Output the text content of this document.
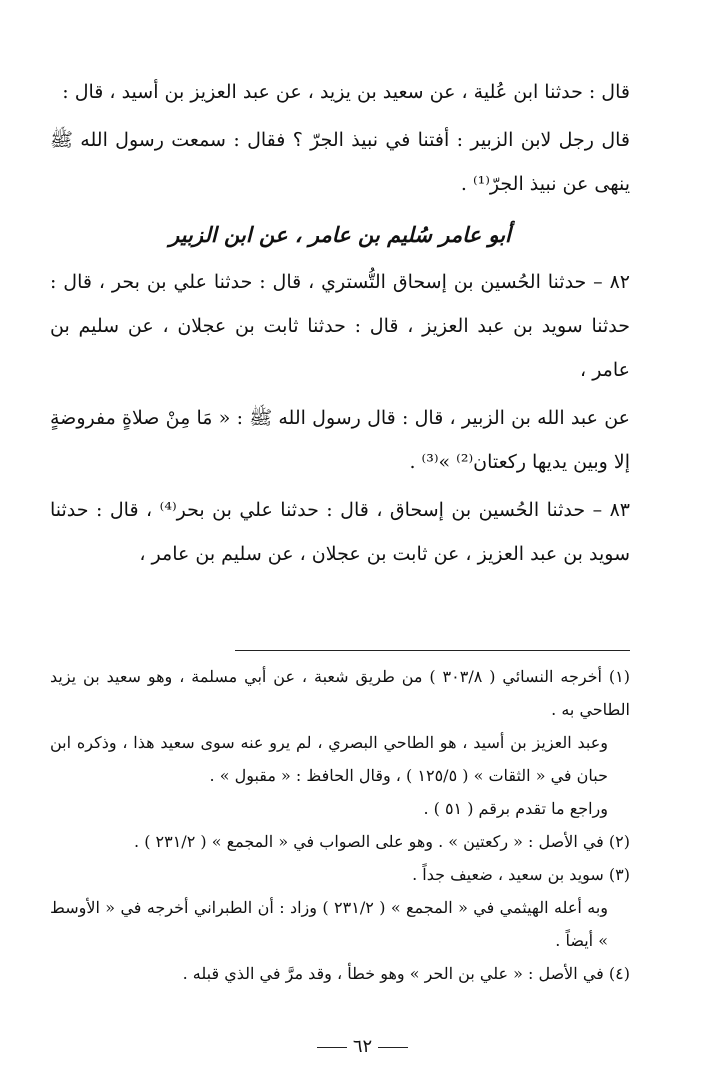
قال : حدثنا ابن عُلية ، عن سعيد بن يزيد ، عن عبد العزيز بن أسيد ، قال :

قال رجل لابن الزبير : أفتنا في نبيذ الجرّ ؟ فقال : سمعت رسول الله ﷺ ينهى عن نبيذ الجرّ⁽¹⁾ .

أبو عامر سُليم بن عامر ، عن ابن الزبير

٨٢ – حدثنا الحُسين بن إسحاق التُّستري ، قال : حدثنا علي بن بحر ، قال : حدثنا سويد بن عبد العزيز ، قال : حدثنا ثابت بن عجلان ، عن سليم بن عامر ،

عن عبد الله بن الزبير ، قال : قال رسول الله ﷺ : « مَا مِنْ صلاةٍ مفروضةٍ إلا وبين يديها ركعتان⁽²⁾ »⁽³⁾ .

٨٣ – حدثنا الحُسين بن إسحاق ، قال : حدثنا علي بن بحر⁽⁴⁾ ، قال : حدثنا سويد بن عبد العزيز ، عن ثابت بن عجلان ، عن سليم بن عامر ،

(١) أخرجه النسائي ( ٣٠٣/٨ ) من طريق شعبة ، عن أبي مسلمة ، وهو سعيد بن يزيد الطاحي به .

وعبد العزيز بن أسيد ، هو الطاحي البصري ، لم يرو عنه سوى سعيد هذا ، وذكره ابن حبان في « الثقات » ( ١٢٥/٥ ) ، وقال الحافظ : « مقبول » .

وراجع ما تقدم برقم ( ٥١ ) .

(٢) في الأصل : « ركعتين » . وهو على الصواب في « المجمع » ( ٢٣١/٢ ) .

(٣) سويد بن سعيد ، ضعيف جداً .

وبه أعله الهيثمي في « المجمع » ( ٢٣١/٢ ) وزاد : أن الطبراني أخرجه في « الأوسط » أيضاً .

(٤) في الأصل : « علي بن الحر » وهو خطأ ، وقد مرَّ في الذي قبله .

٦٢
